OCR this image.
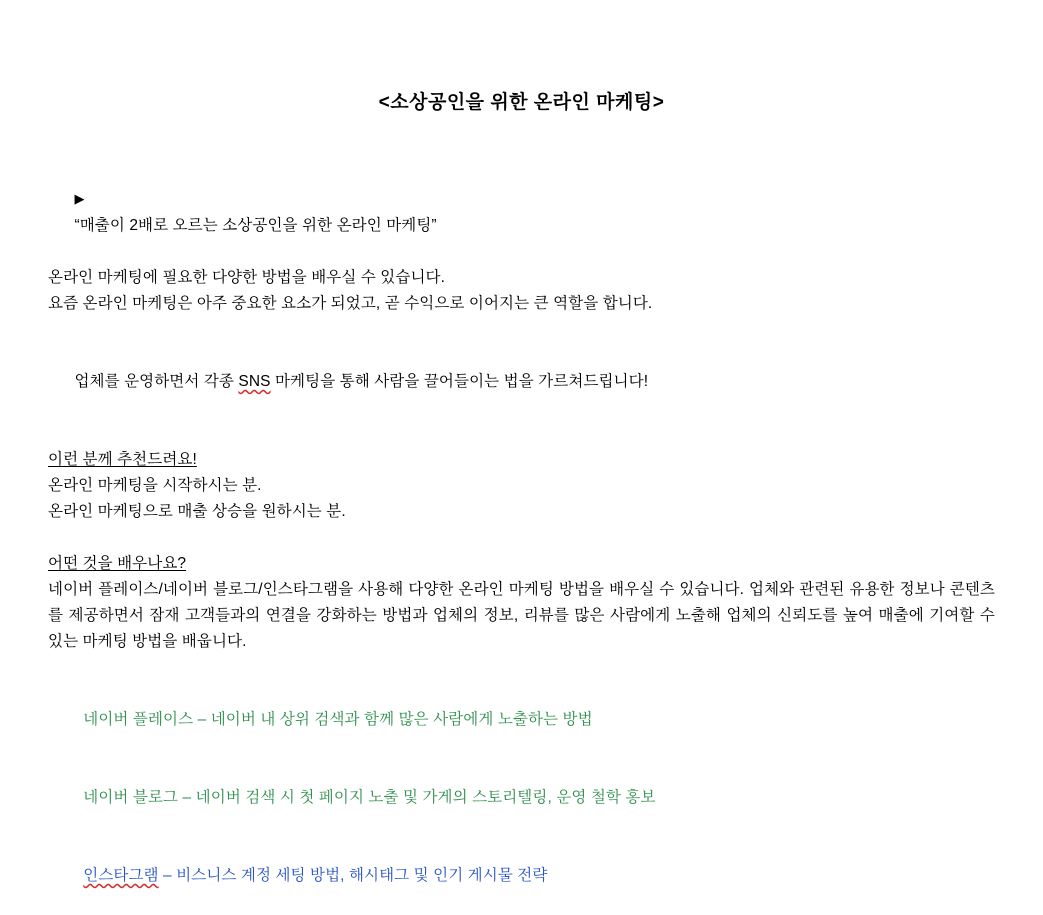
<소상공인을 위한 온라인 마케팅>

▶
“매출이 2배로 오르는 소상공인을 위한 온라인 마케팅”

온라인 마케팅에 필요한 다양한 방법을 배우실 수 있습니다.
요즘 온라인 마케팅은 아주 중요한 요소가 되었고, 곧 수익으로 이어지는 큰 역할을 합니다.

업체를 운영하면서 각종 SNS 마케팅을 통해 사람을 끌어들이는 법을 가르쳐드립니다!

이런 분께 추천드려요!
온라인 마케팅을 시작하시는 분.
온라인 마케팅으로 매출 상승을 원하시는 분.
어떤 것을 배우나요?
네이버 플레이스/네이버 블로그/인스타그램을 사용해 다양한 온라인 마케팅 방법을 배우실 수 있습니다. 업체와 관련된 유용한 정보나 콘텐츠를 제공하면서 잠재 고객들과의 연결을 강화하는 방법과 업체의 정보, 리뷰를 많은 사람에게 노출해 업체의 신뢰도를 높여 매출에 기여할 수 있는 마케팅 방법을 배웁니다.

네이버 플레이스 – 네이버 내 상위 검색과 함께 많은 사람에게 노출하는 방법

네이버 블로그 – 네이버 검색 시 첫 페이지 노출 및 가게의 스토리텔링, 운영 철학 홍보

인스타그램 – 비스니스 계정 세팅 방법, 해시태그 및 인기 게시물 전략
